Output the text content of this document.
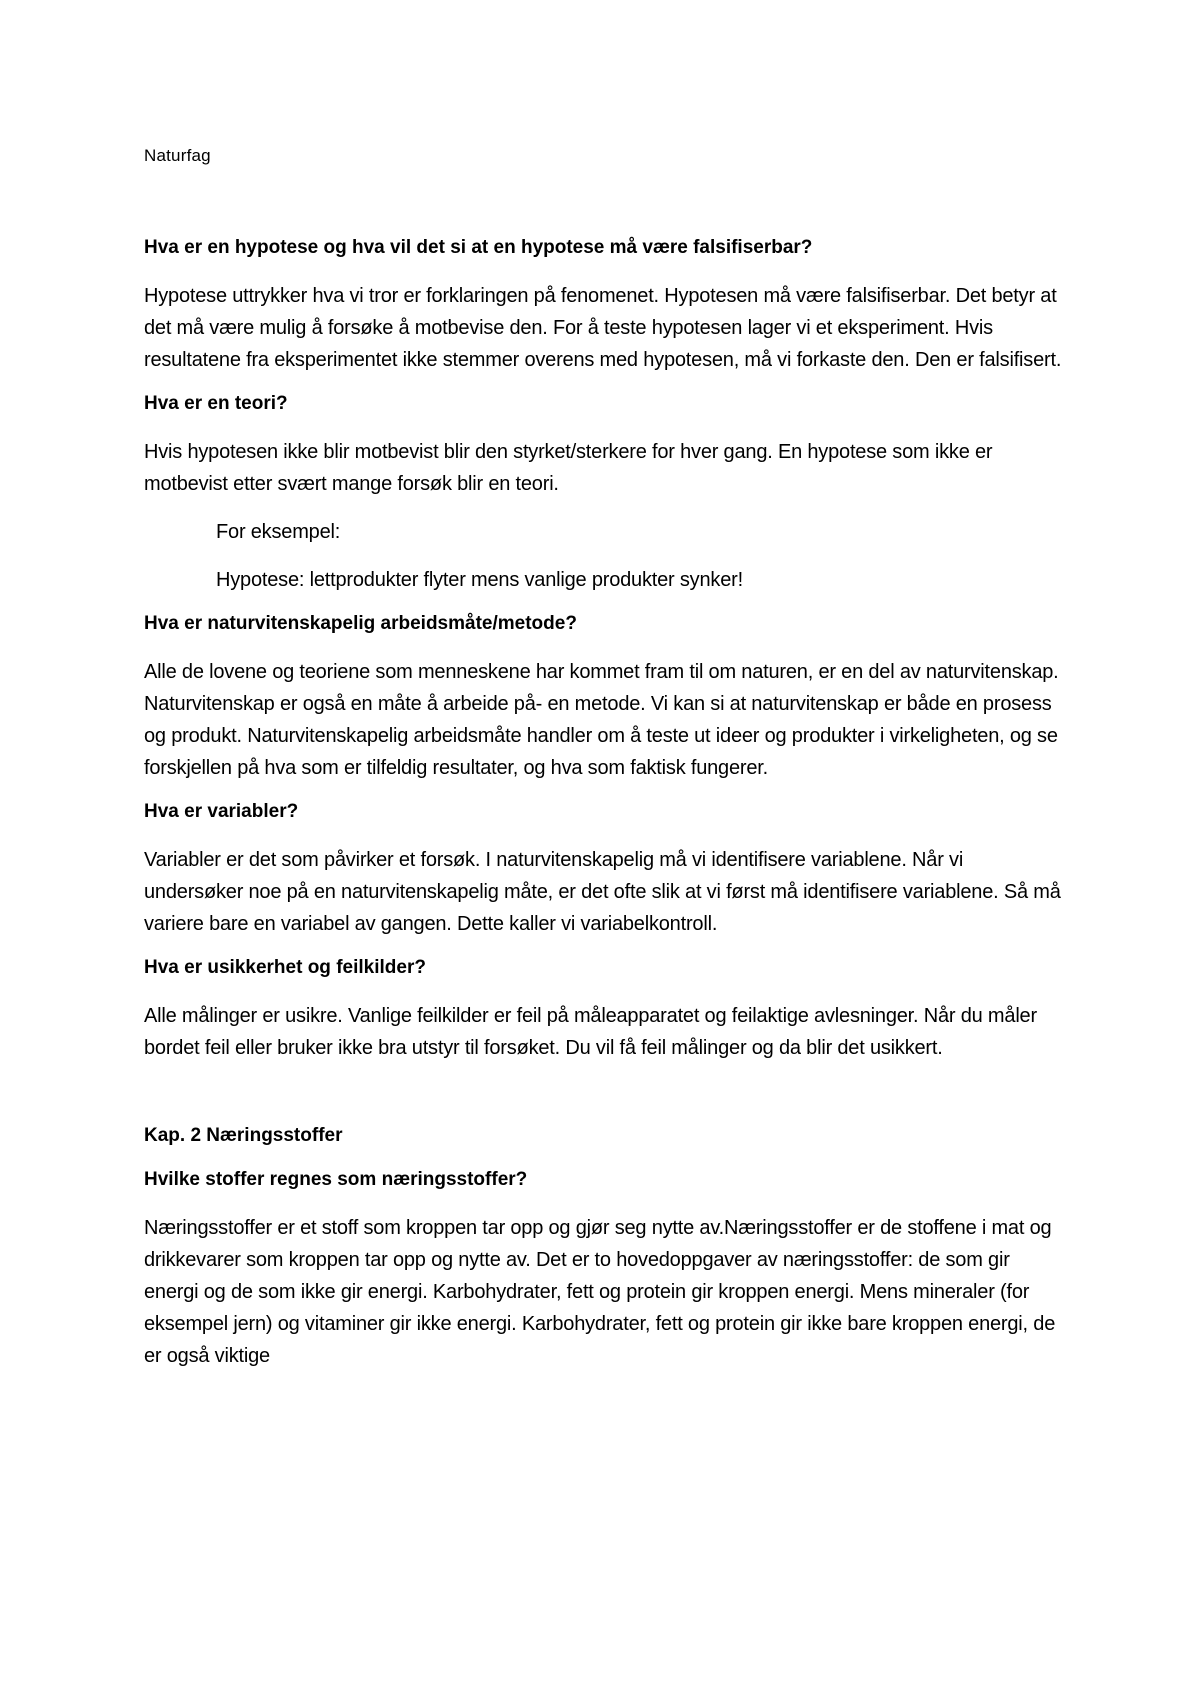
Naturfag

Hva er en hypotese og hva vil det si at en hypotese må være falsifiserbar?

Hypotese uttrykker hva vi tror er forklaringen på fenomenet. Hypotesen må være falsifiserbar. Det betyr at det må være mulig å forsøke å motbevise den. For å teste hypotesen lager vi et eksperiment. Hvis resultatene fra eksperimentet ikke stemmer overens med hypotesen, må vi forkaste den. Den er falsifisert.

Hva er en teori?

Hvis hypotesen ikke blir motbevist blir den styrket/sterkere for hver gang. En hypotese som ikke er motbevist etter svært mange forsøk blir en teori.

For eksempel:

Hypotese: lettprodukter flyter mens vanlige produkter synker!

Hva er naturvitenskapelig arbeidsmåte/metode?

Alle de lovene og teoriene som menneskene har kommet fram til om naturen, er en del av naturvitenskap. Naturvitenskap er også en måte å arbeide på- en metode. Vi kan si at naturvitenskap er både en prosess og produkt. Naturvitenskapelig arbeidsmåte handler om å teste ut ideer og produkter i virkeligheten, og se forskjellen på hva som er tilfeldig resultater, og hva som faktisk fungerer.

Hva er variabler?

Variabler er det som påvirker et forsøk. I naturvitenskapelig må vi identifisere variablene. Når vi undersøker noe på en naturvitenskapelig måte, er det ofte slik at vi først må identifisere variablene. Så må variere bare en variabel av gangen. Dette kaller vi variabelkontroll.

Hva er usikkerhet og feilkilder?

Alle målinger er usikre. Vanlige feilkilder er feil på måleapparatet og feilaktige avlesninger. Når du måler bordet feil eller bruker ikke bra utstyr til forsøket. Du vil få feil målinger og da blir det usikkert.

Kap. 2 Næringsstoffer
Hvilke stoffer regnes som næringsstoffer?

Næringsstoffer er et stoff som kroppen tar opp og gjør seg nytte av.Næringsstoffer er de stoffene i mat og drikkevarer som kroppen tar opp og nytte av. Det er to hovedoppgaver av næringsstoffer: de som gir energi og de som ikke gir energi. Karbohydrater, fett og protein gir kroppen energi. Mens mineraler (for eksempel jern) og vitaminer gir ikke energi. Karbohydrater, fett og protein gir ikke bare kroppen energi, de er også viktige
